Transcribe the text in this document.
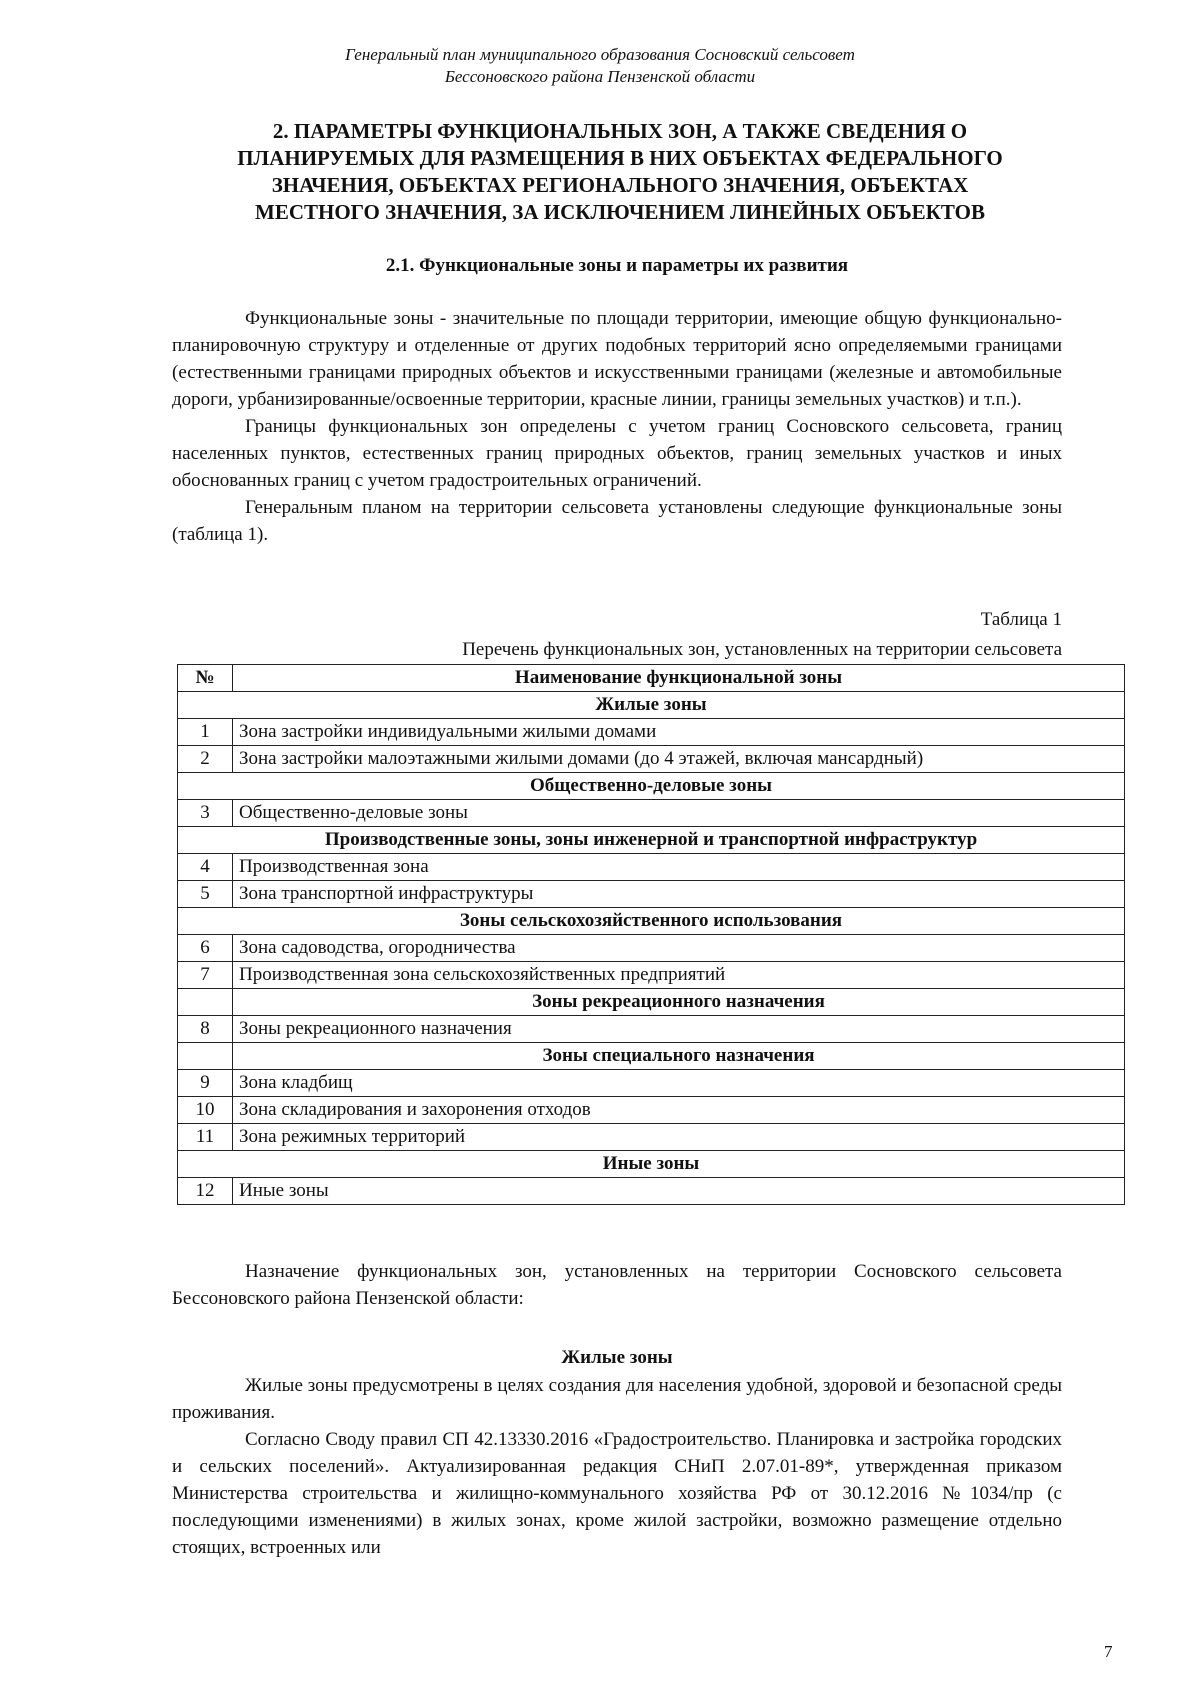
Генеральный план муниципального образования Сосновский сельсовет
Бессоновского района Пензенской области
2. ПАРАМЕТРЫ ФУНКЦИОНАЛЬНЫХ ЗОН, А ТАКЖЕ СВЕДЕНИЯ О
ПЛАНИРУЕМЫХ ДЛЯ РАЗМЕЩЕНИЯ В НИХ ОБЪЕКТАХ ФЕДЕРАЛЬНОГО
ЗНАЧЕНИЯ, ОБЪЕКТАХ РЕГИОНАЛЬНОГО ЗНАЧЕНИЯ, ОБЪЕКТАХ
МЕСТНОГО ЗНАЧЕНИЯ, ЗА ИСКЛЮЧЕНИЕМ ЛИНЕЙНЫХ ОБЪЕКТОВ
2.1. Функциональные зоны и параметры их развития

Функциональные зоны - значительные по площади территории, имеющие общую функционально-планировочную структуру и отделенные от других подобных территорий ясно определяемыми границами (естественными границами природных объектов и искусственными границами (железные и автомобильные дороги, урбанизированные/освоенные территории, красные линии, границы земельных участков) и т.п.).

Границы функциональных зон определены с учетом границ Сосновского сельсовета, границ населенных пунктов, естественных границ природных объектов, границ земельных участков и иных обоснованных границ с учетом градостроительных ограничений.

Генеральным планом на территории сельсовета установлены следующие функциональные зоны (таблица 1).

Таблица 1
Перечень функциональных зон, установленных на территории сельсовета
№	Наименование функциональной зоны
Жилые зоны	
1	Зона застройки индивидуальными жилыми домами
2	Зона застройки малоэтажными жилыми домами (до 4 этажей, включая мансардный)
Общественно-деловые зоны	
3	Общественно-деловые зоны
Производственные зоны, зоны инженерной и транспортной инфраструктур	
4	Производственная зона
5	Зона транспортной инфраструктуры
Зоны сельскохозяйственного использования	
6	Зона садоводства, огородничества
7	Производственная зона сельскохозяйственных предприятий
	Зоны рекреационного назначения
8	Зоны рекреационного назначения
	Зоны специального назначения
9	Зона кладбищ
10	Зона складирования и захоронения отходов
11	Зона режимных территорий
Иные зоны	
12	Иные зоны

Назначение функциональных зон, установленных на территории Сосновского сельсовета Бессоновского района Пензенской области:

Жилые зоны

Жилые зоны предусмотрены в целях создания для населения удобной, здоровой и безопасной среды проживания.

Согласно Своду правил СП 42.13330.2016 «Градостроительство. Планировка и застройка городских и сельских поселений». Актуализированная редакция СНиП 2.07.01-89*, утвержденная приказом Министерства строительства и жилищно-коммунального хозяйства РФ от 30.12.2016 №1034/пр (с последующими изменениями) в жилых зонах, кроме жилой застройки, возможно размещение отдельно стоящих, встроенных или

7
